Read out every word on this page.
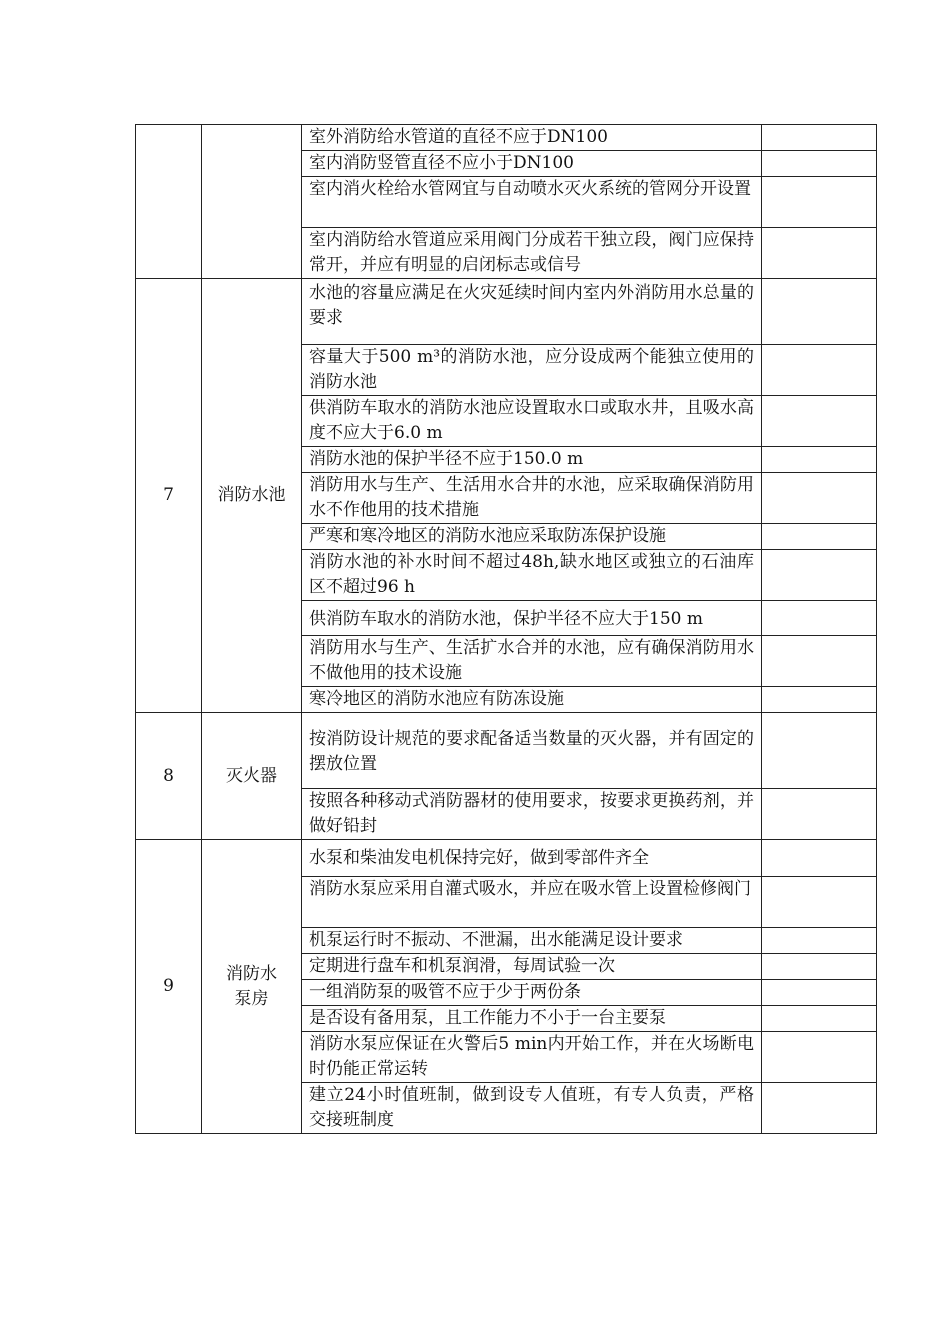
		室外消防给水管道的直径不应于DN100	
		室内消防竖管直径不应小于DN100	
		室内消火栓给水管网宜与自动喷水灭火系统的管网分开设置	
		室内消防给水管道应采用阀门分成若干独立段，阀门应保持常开，并应有明显的启闭标志或信号	
7	消防水池	水池的容量应满足在火灾延续时间内室内外消防用水总量的要求	
		容量大于500 m³的消防水池，应分设成两个能独立使用的消防水池	
		供消防车取水的消防水池应设置取水口或取水井，且吸水高度不应大于6.0 m	
		消防水池的保护半径不应于150.0 m	
		消防用水与生产、生活用水合井的水池，应采取确保消防用水不作他用的技术措施	
		严寒和寒冷地区的消防水池应采取防冻保护设施	
		消防水池的补水时间不超过48h,缺水地区或独立的石油库区不超过96 h	
		供消防车取水的消防水池，保护半径不应大于150 m	
		消防用水与生产、生活扩水合并的水池，应有确保消防用水不做他用的技术设施	
		寒冷地区的消防水池应有防冻设施	
8	灭火器	按消防设计规范的要求配备适当数量的灭火器，并有固定的摆放位置	
		按照各种移动式消防器材的使用要求，按要求更换药剂，并做好铅封	
9	消防水泵房	水泵和柴油发电机保持完好，做到零部件齐全	
		消防水泵应采用自灌式吸水，并应在吸水管上设置检修阀门	
		机泵运行时不振动、不泄漏，出水能满足设计要求	
		定期进行盘车和机泵润滑，每周试验一次	
		一组消防泵的吸管不应于少于两份条	
		是否设有备用泵，且工作能力不小于一台主要泵	
		消防水泵应保证在火警后5 min内开始工作，并在火场断电时仍能正常运转	
		建立24小时值班制，做到设专人值班，有专人负责，严格交接班制度	
